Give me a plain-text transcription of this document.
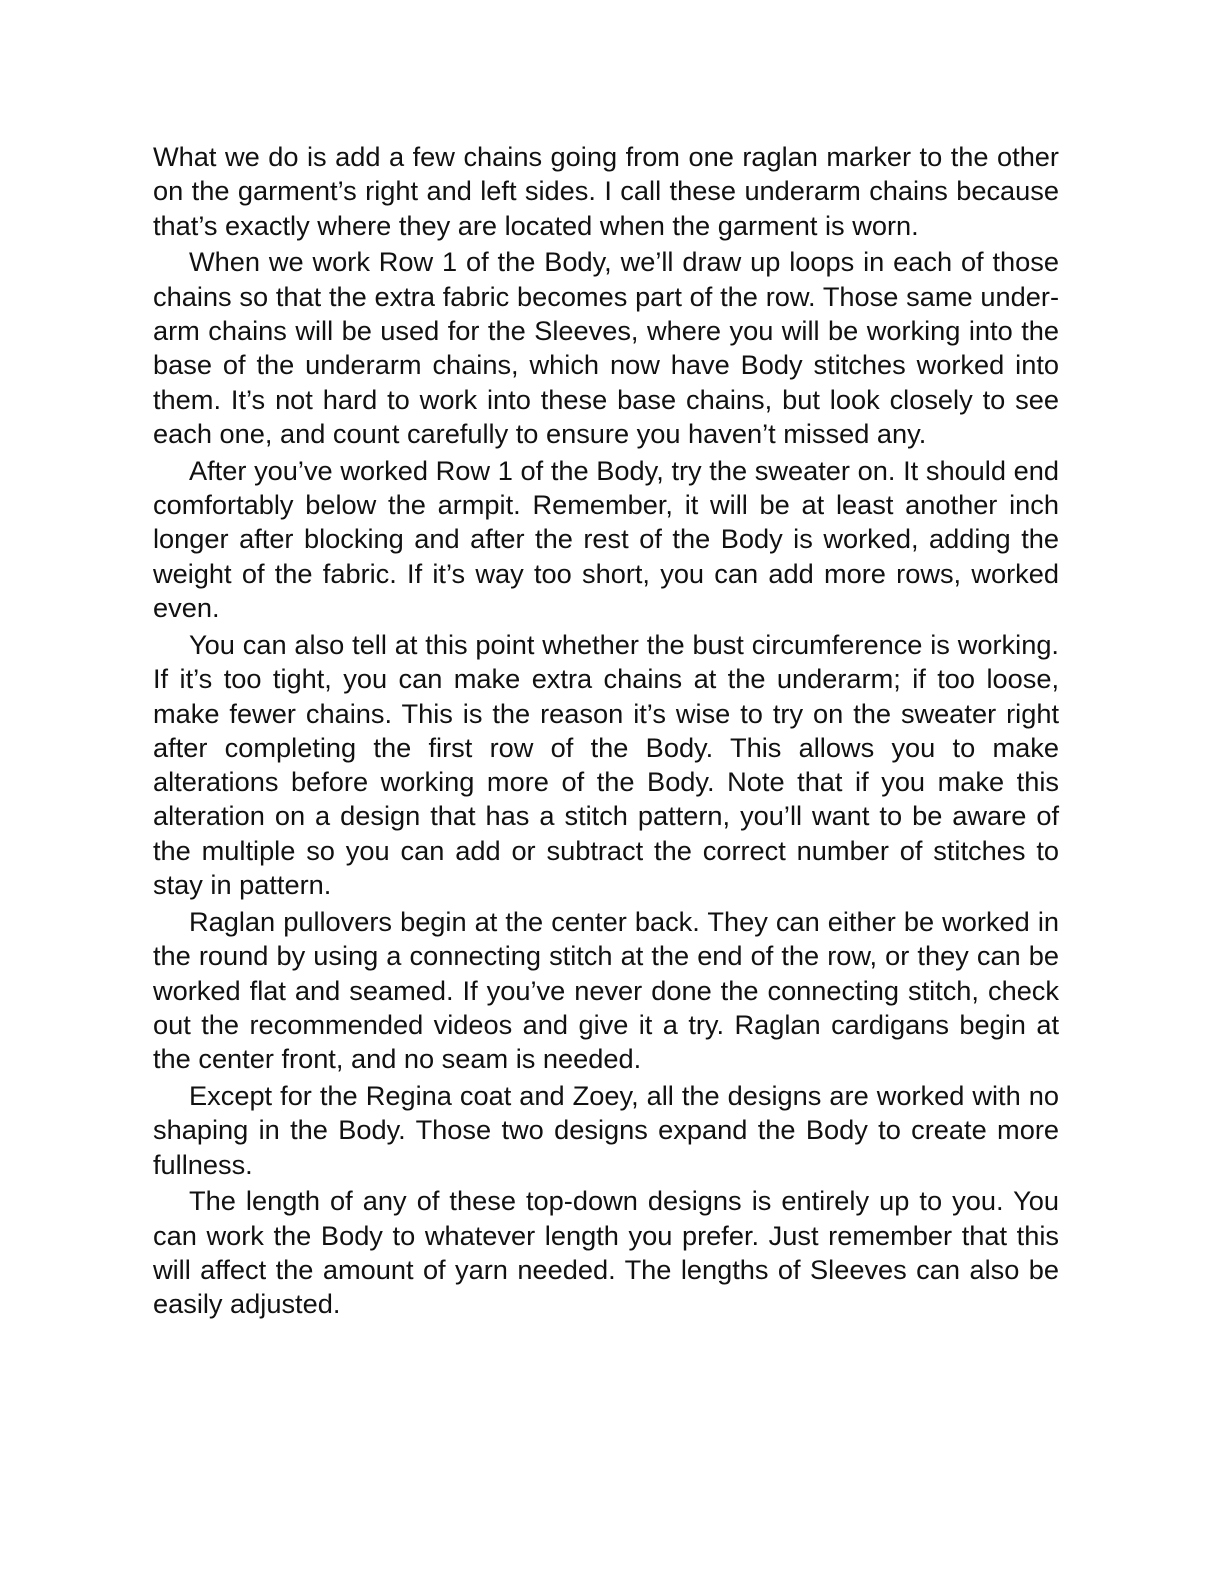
What we do is add a few chains going from one raglan marker to the other on the garment’s right and left sides. I call these underarm chains because that’s exactly where they are located when the garment is worn.

When we work Row 1 of the Body, we’ll draw up loops in each of those chains so that the extra fabric becomes part of the row. Those same under-arm chains will be used for the Sleeves, where you will be working into the base of the underarm chains, which now have Body stitches worked into them. It’s not hard to work into these base chains, but look closely to see each one, and count carefully to ensure you haven’t missed any.

After you’ve worked Row 1 of the Body, try the sweater on. It should end comfortably below the armpit. Remember, it will be at least another inch longer after blocking and after the rest of the Body is worked, adding the weight of the fabric. If it’s way too short, you can add more rows, worked even.

You can also tell at this point whether the bust circumference is working. If it’s too tight, you can make extra chains at the underarm; if too loose, make fewer chains. This is the reason it’s wise to try on the sweater right after completing the first row of the Body. This allows you to make alterations before working more of the Body. Note that if you make this alteration on a design that has a stitch pattern, you’ll want to be aware of the multiple so you can add or subtract the correct number of stitches to stay in pattern.

Raglan pullovers begin at the center back. They can either be worked in the round by using a connecting stitch at the end of the row, or they can be worked flat and seamed. If you’ve never done the connecting stitch, check out the recommended videos and give it a try. Raglan cardigans begin at the center front, and no seam is needed.

Except for the Regina coat and Zoey, all the designs are worked with no shaping in the Body. Those two designs expand the Body to create more fullness.

The length of any of these top-down designs is entirely up to you. You can work the Body to whatever length you prefer. Just remember that this will affect the amount of yarn needed. The lengths of Sleeves can also be easily adjusted.
